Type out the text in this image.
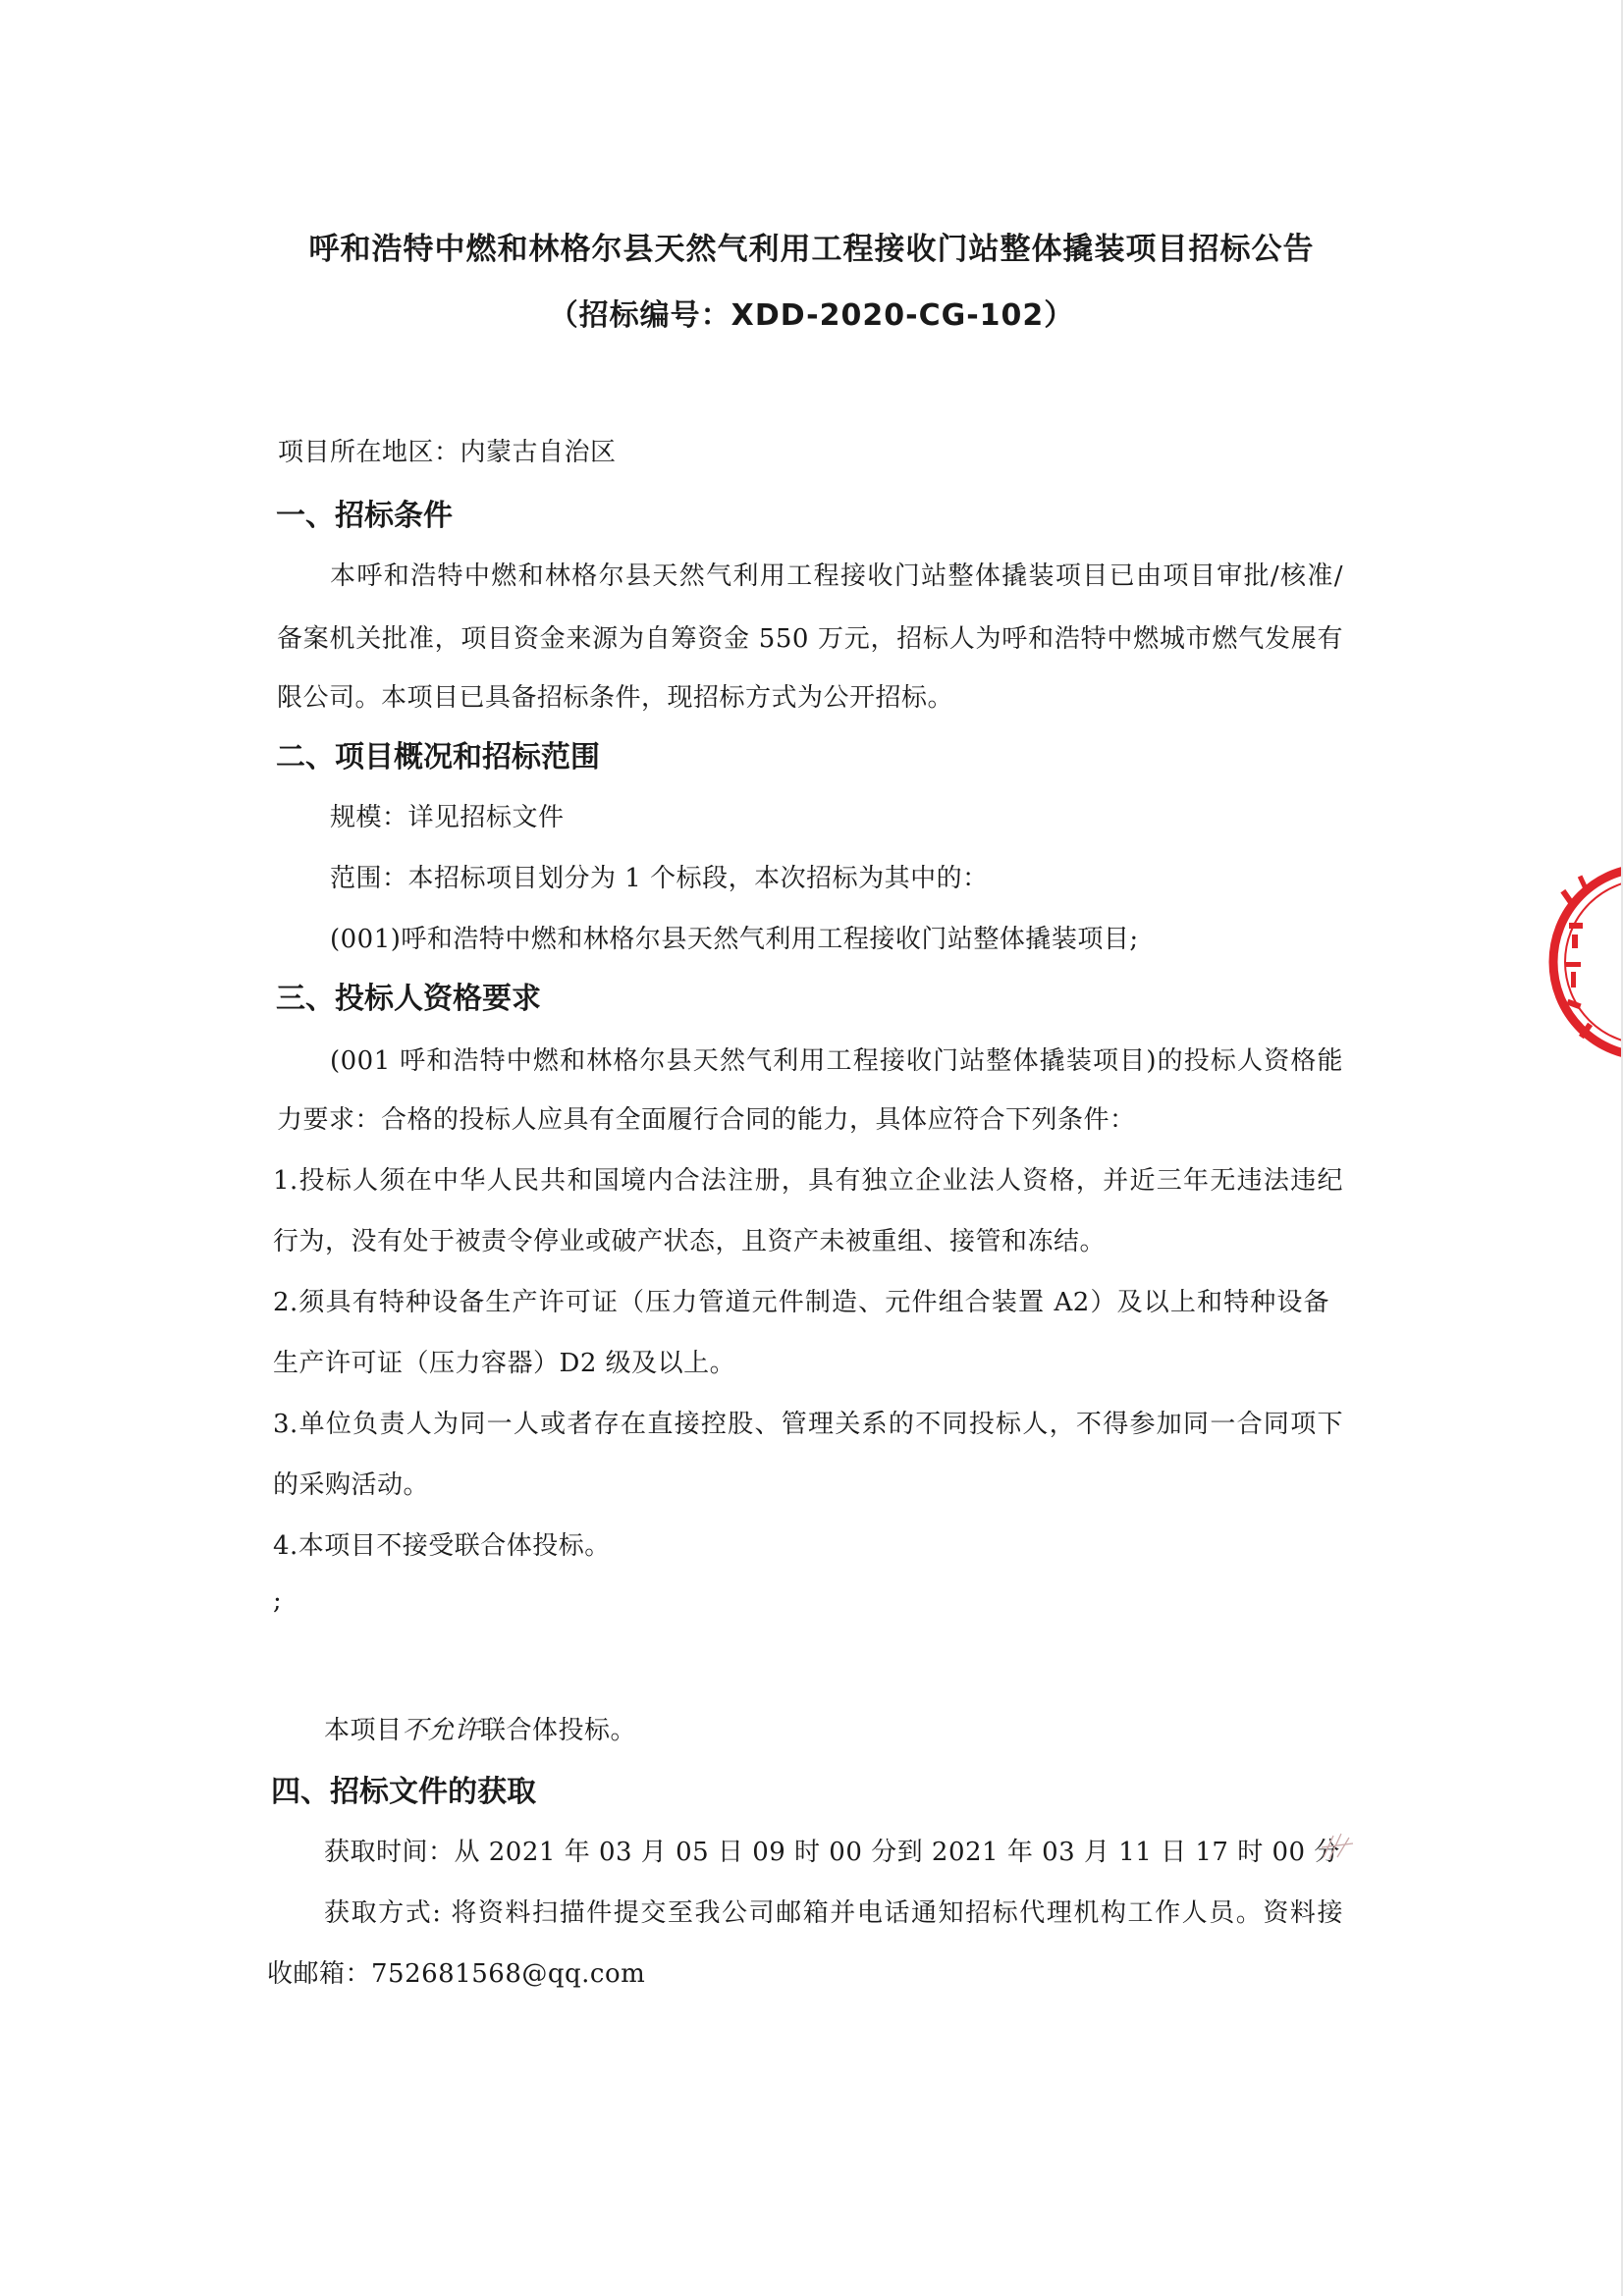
呼和浩特中燃和林格尔县天然气利用工程接收门站整体撬装项目招标公告
（招标编号：XDD-2020-CG-102）
项目所在地区：内蒙古自治区
一、招标条件
本呼和浩特中燃和林格尔县天然气利用工程接收门站整体撬装项目已由项目审批/核准/
备案机关批准，项目资金来源为自筹资金 550 万元，招标人为呼和浩特中燃城市燃气发展有
限公司。本项目已具备招标条件，现招标方式为公开招标。
二、项目概况和招标范围
规模：详见招标文件
范围：本招标项目划分为 1 个标段，本次招标为其中的：
(001)呼和浩特中燃和林格尔县天然气利用工程接收门站整体撬装项目;
三、投标人资格要求
(001 呼和浩特中燃和林格尔县天然气利用工程接收门站整体撬装项目)的投标人资格能
力要求：合格的投标人应具有全面履行合同的能力，具体应符合下列条件：
1.投标人须在中华人民共和国境内合法注册，具有独立企业法人资格，并近三年无违法违纪
行为，没有处于被责令停业或破产状态，且资产未被重组、接管和冻结。
2.须具有特种设备生产许可证（压力管道元件制造、元件组合装置 A2）及以上和特种设备
生产许可证（压力容器）D2 级及以上。
3.单位负责人为同一人或者存在直接控股、管理关系的不同投标人，不得参加同一合同项下
的采购活动。
4.本项目不接受联合体投标。
;
本项目不允许联合体投标。
四、招标文件的获取
获取时间：从 2021 年 03 月 05 日 09 时 00 分到 2021 年 03 月 11 日 17 时 00 分
获取方式: 将资料扫描件提交至我公司邮箱并电话通知招标代理机构工作人员。资料接
收邮箱：752681568@qq.com
